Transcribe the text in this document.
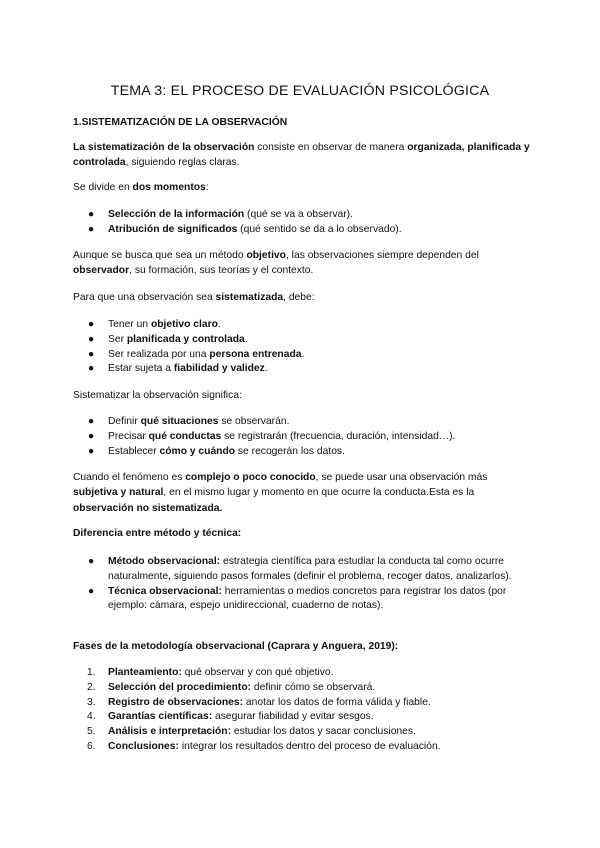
TEMA 3: EL PROCESO DE EVALUACIÓN PSICOLÓGICA
1.SISTEMATIZACIÓN DE LA OBSERVACIÓN
La sistematización de la observación consiste en observar de manera organizada, planificada y controlada, siguiendo reglas claras.
Se divide en dos momentos:
● Selección de la información (qué se va a observar).
● Atribución de significados (qué sentido se da a lo observado).
Aunque se busca que sea un método objetivo, las observaciones siempre dependen del observador, su formación, sus teorías y el contexto.
Para que una observación sea sistematizada, debe:
● Tener un objetivo claro.
● Ser planificada y controlada.
● Ser realizada por una persona entrenada.
● Estar sujeta a fiabilidad y validez.
Sistematizar la observación significa:
● Definir qué situaciones se observarán.
● Precisar qué conductas se registrarán (frecuencia, duración, intensidad…).
● Establecer cómo y cuándo se recogerán los datos.
Cuando el fenómeno es complejo o poco conocido, se puede usar una observación más subjetiva y natural, en el mismo lugar y momento en que ocurre la conducta.Esta es la observación no sistematizada.
Diferencia entre método y técnica:
● Método observacional: estrategia científica para estudiar la conducta tal como ocurre naturalmente, siguiendo pasos formales (definir el problema, recoger datos, analizarlos).
● Técnica observacional: herramientas o medios concretos para registrar los datos (por ejemplo: cámara, espejo unidireccional, cuaderno de notas).
Fases de la metodología observacional (Caprara y Anguera, 2019):
1. Planteamiento: qué observar y con qué objetivo.
2. Selección del procedimiento: definir cómo se observará.
3. Registro de observaciones: anotar los datos de forma válida y fiable.
4. Garantías científicas: asegurar fiabilidad y evitar sesgos.
5. Análisis e interpretación: estudiar los datos y sacar conclusiones.
6. Conclusiones: integrar los resultados dentro del proceso de evaluación.
